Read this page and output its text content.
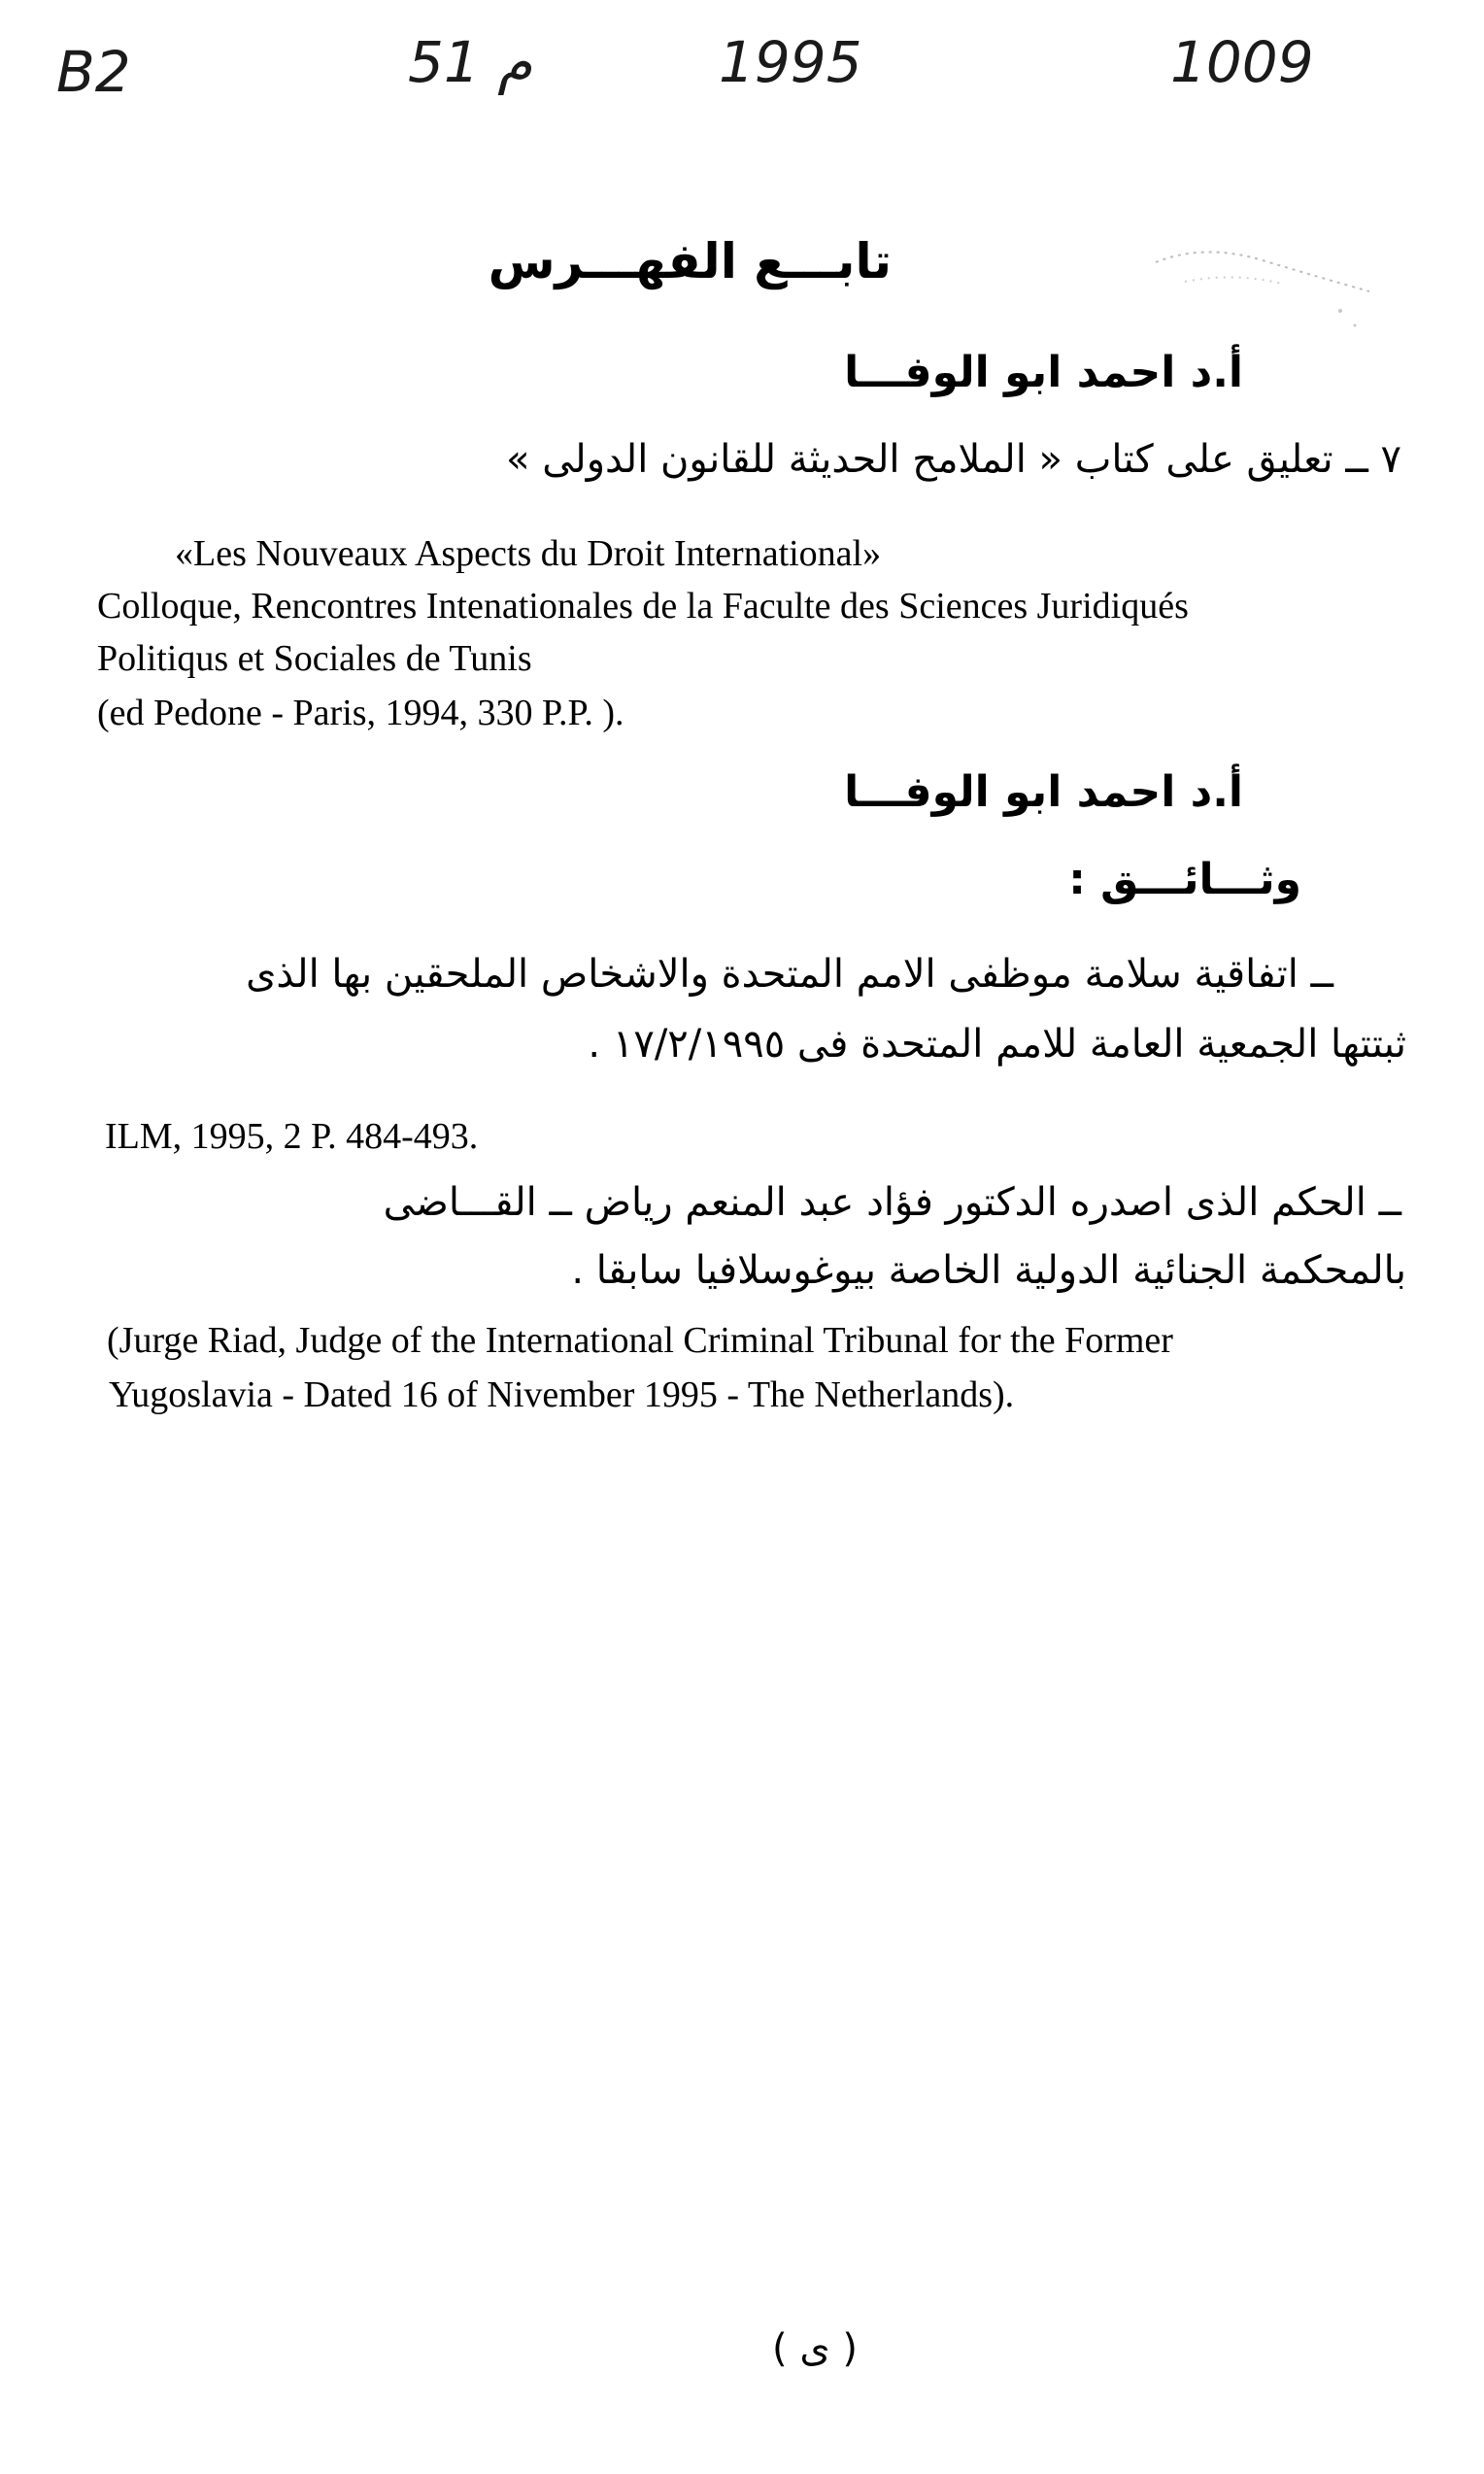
B2	51 م	1995	1009
تابـــع الفهـــرس
أ.د احمد ابو الوفـــا
٧ ــ تعليق على كتاب « الملامح الحديثة للقانون الدولى »
«Les Nouveaux Aspects du Droit International»
Colloque, Rencontres Intenationales de la Faculte des Sciences Juridiqués
Politiqus et Sociales de Tunis
(ed Pedone - Paris, 1994, 330 P.P. ).
أ.د احمد ابو الوفـــا
وثـــائـــق :
ــ اتفاقية سلامة موظفى الامم المتحدة والاشخاص الملحقين بها الذى
ثبتتها الجمعية العامة للامم المتحدة فى ١٧/٢/١٩٩٥ .
ILM, 1995, 2 P. 484-493.
ــ الحكم الذى اصدره الدكتور فؤاد عبد المنعم رياض ــ القـــاضى
بالمحكمة الجنائية الدولية الخاصة بيوغوسلافيا سابقا .
(Jurge Riad, Judge of the International Criminal Tribunal for the Former
Yugoslavia - Dated 16 of Nivember 1995 - The Netherlands).
( ى )
